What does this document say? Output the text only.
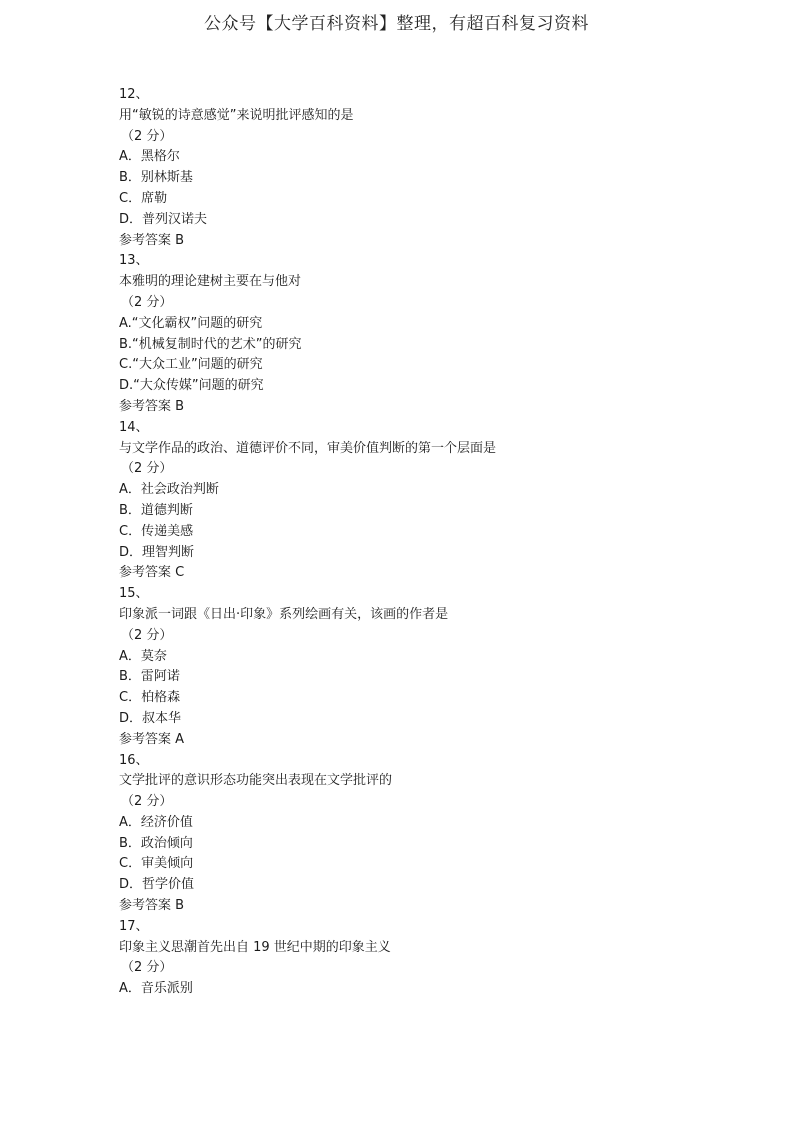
公众号【大学百科资料】整理，有超百科复习资料
12、
用“敏锐的诗意感觉”来说明批评感知的是
（2 分）
A．黑格尔
B．别林斯基
C．席勒
D．普列汉诺夫
参考答案 B
13、
本雅明的理论建树主要在与他对
（2 分）
A.“文化霸权”问题的研究
B.“机械复制时代的艺术”的研究
C.“大众工业”问题的研究
D.“大众传媒”问题的研究
参考答案 B
14、
与文学作品的政治、道德评价不同，审美价值判断的第一个层面是
（2 分）
A．社会政治判断
B．道德判断
C．传递美感
D．理智判断
参考答案 C
15、
印象派一词跟《日出·印象》系列绘画有关，该画的作者是
（2 分）
A．莫奈
B．雷阿诺
C．柏格森
D．叔本华
参考答案 A
16、
文学批评的意识形态功能突出表现在文学批评的
（2 分）
A．经济价值
B．政治倾向
C．审美倾向
D．哲学价值
参考答案 B
17、
印象主义思潮首先出自 19 世纪中期的印象主义
（2 分）
A．音乐派别
